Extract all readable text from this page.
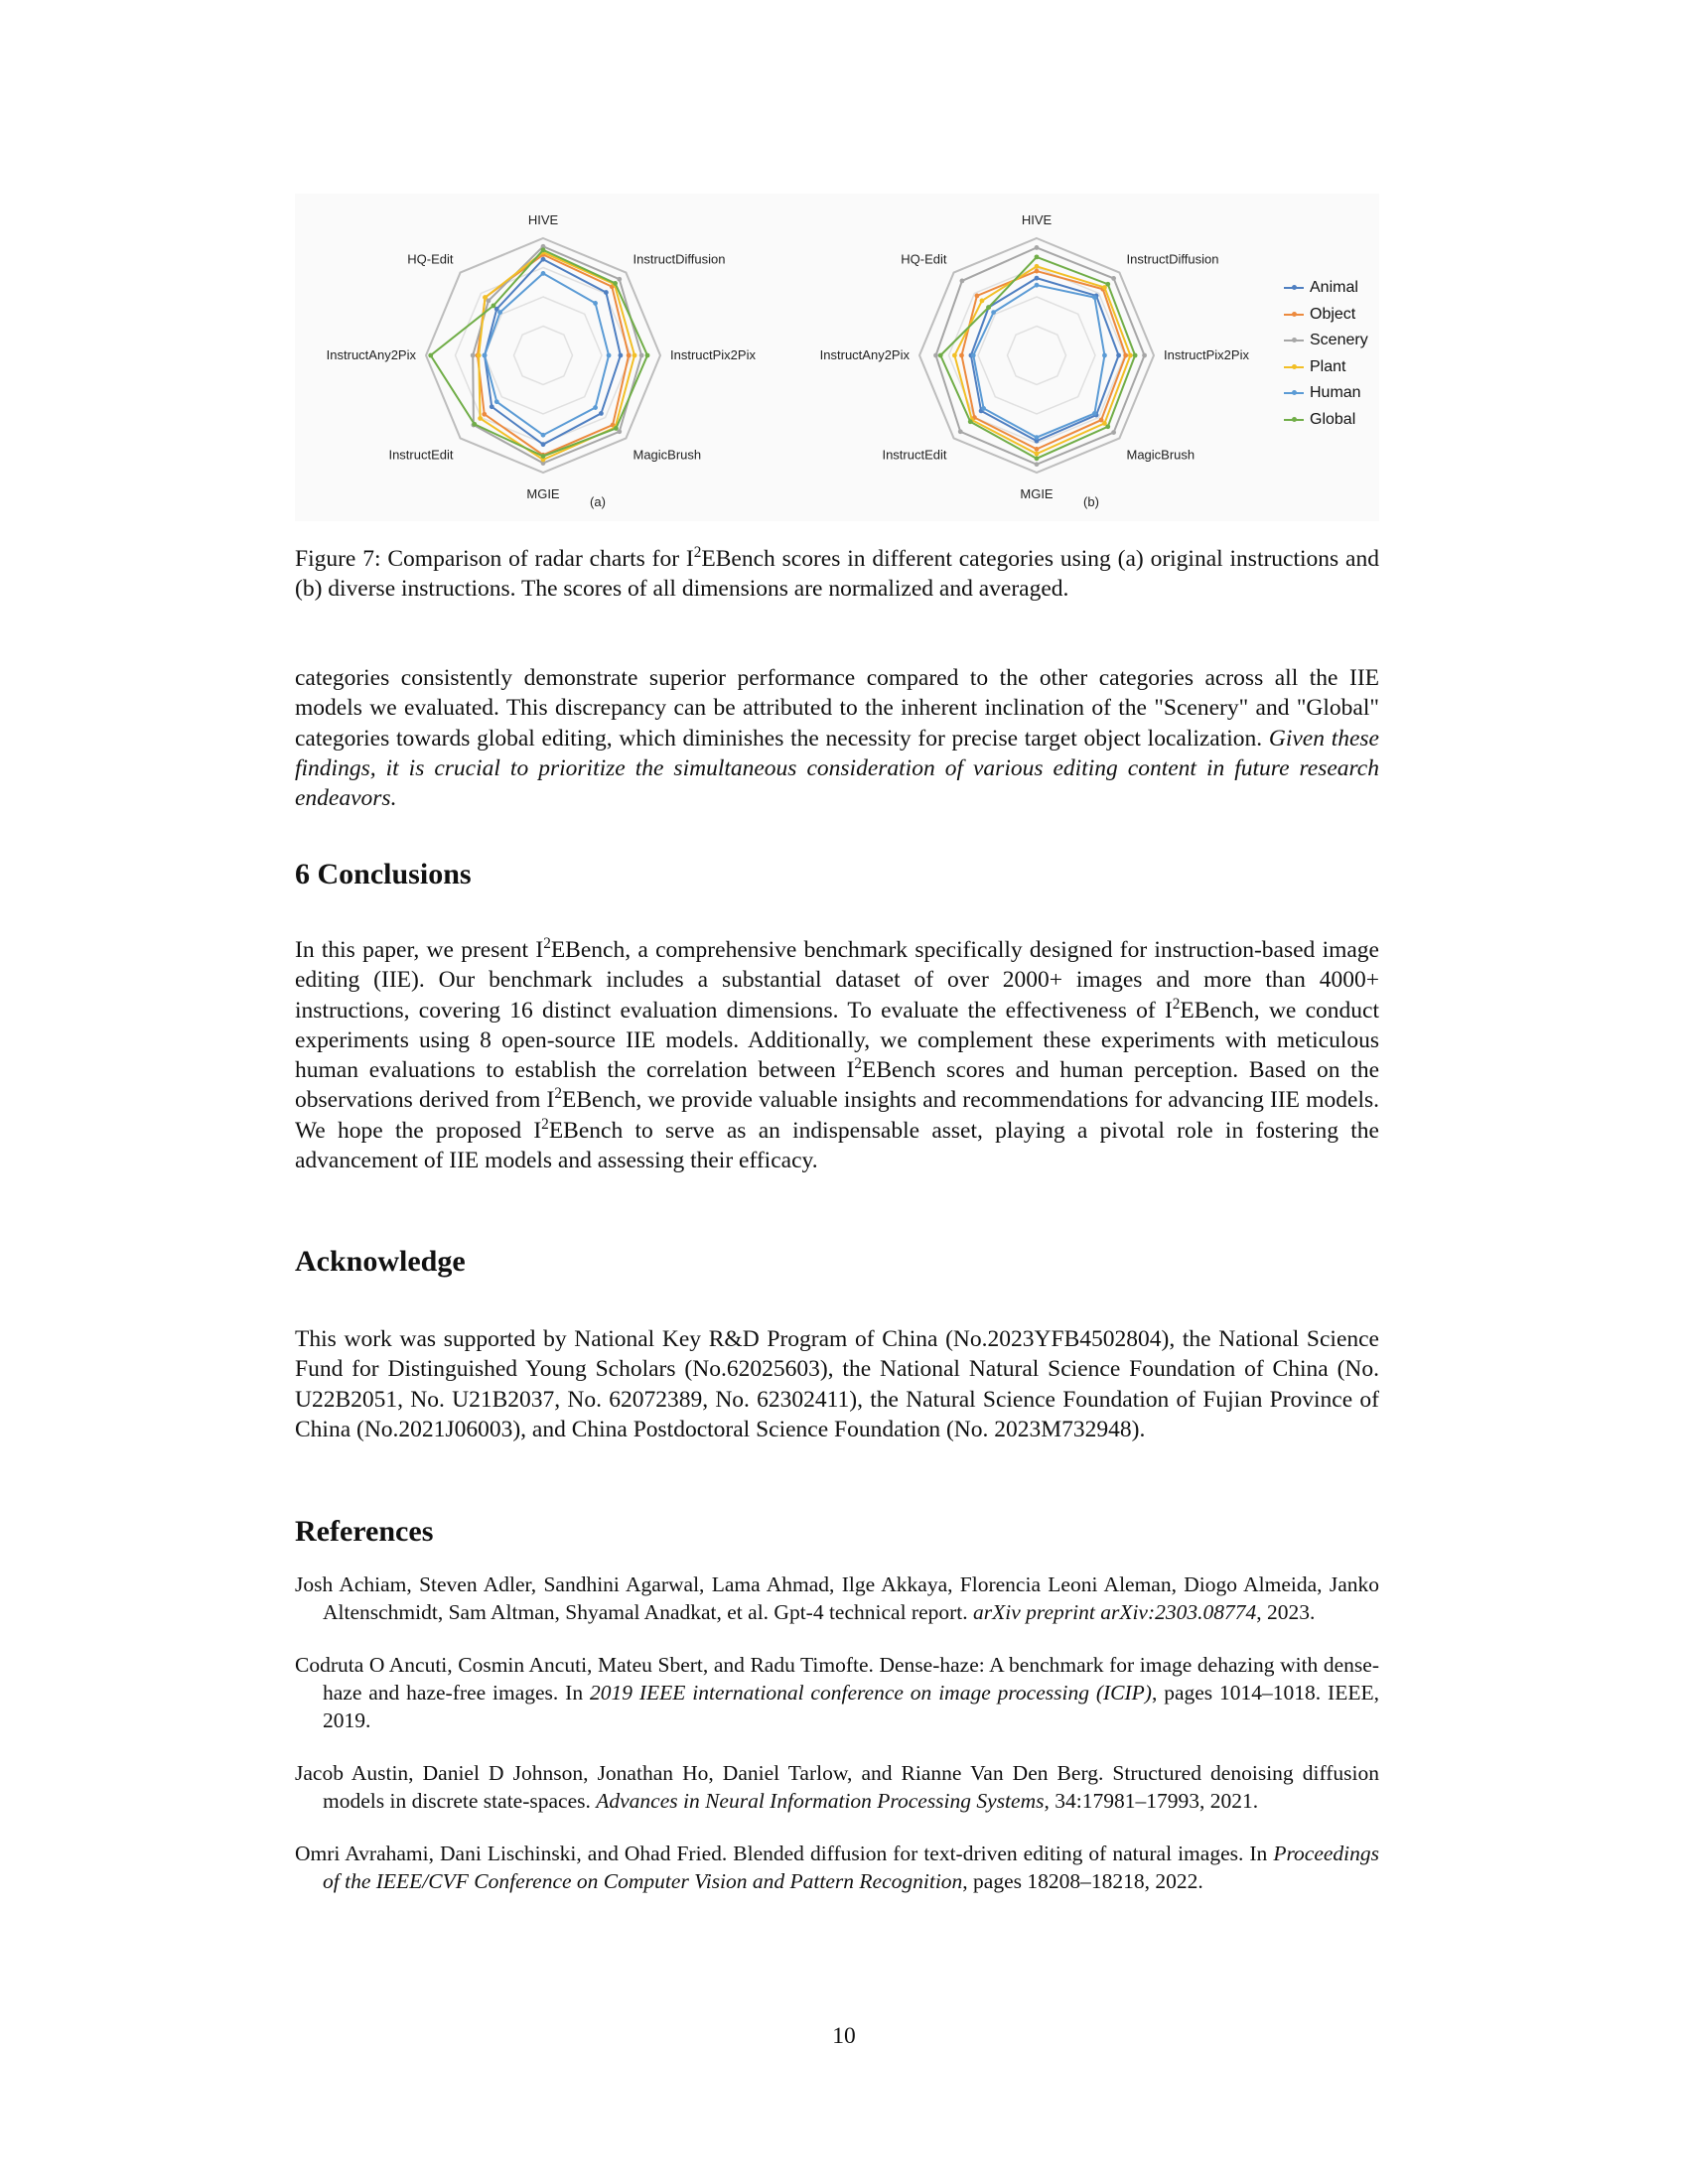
HIVE
InstructDiffusion
InstructPix2Pix
MagicBrush
MGIE
InstructEdit
InstructAny2Pix
HQ-Edit
(a)
HIVE
InstructDiffusion
InstructPix2Pix
MagicBrush
MGIE
InstructEdit
InstructAny2Pix
HQ-Edit
(b)
Animal
Object
Scenery
Plant
Human
Global
Figure 7: Comparison of radar charts for $I^2EBench$ scores in different categories using (a) original instructions and (b) diverse instructions. The scores of all dimensions are normalized and averaged.
categories consistently demonstrate superior performance compared to the other categories across all the IIE models we evaluated. This discrepancy can be attributed to the inherent inclination of the "Scenery" and "Global" categories towards global editing, which diminishes the necessity for precise target object localization. Given these findings, it is crucial to prioritize the simultaneous consideration of various editing content in future research endeavors.
6 Conclusions
In this paper, we present $I^2EBench$, a comprehensive benchmark specifically designed for instruction-based image editing (IIE). Our benchmark includes a substantial dataset of over 2000+ images and more than 4000+ instructions, covering 16 distinct evaluation dimensions. To evaluate the effectiveness of $I^2EBench$, we conduct experiments using 8 open-source IIE models. Additionally, we complement these experiments with meticulous human evaluations to establish the correlation between $I^2EBench$ scores and human perception. Based on the observations derived from $I^2EBench$, we provide valuable insights and recommendations for advancing IIE models. We hope the proposed $I^2EBench$ to serve as an indispensable asset, playing a pivotal role in fostering the advancement of IIE models and assessing their efficacy.
Acknowledge
This work was supported by National Key R&D Program of China (No.2023YFB4502804), the National Science Fund for Distinguished Young Scholars (No.62025603), the National Natural Science Foundation of China (No. U22B2051, No. U21B2037, No. 62072389, No. 62302411), the Natural Science Foundation of Fujian Province of China (No.2021J06003), and China Postdoctoral Science Foundation (No. 2023M732948).
References
Josh Achiam, Steven Adler, Sandhini Agarwal, Lama Ahmad, Ilge Akkaya, Florencia Leoni Aleman, Diogo Almeida, Janko Altenschmidt, Sam Altman, Shyamal Anadkat, et al. Gpt-4 technical report. arXiv preprint arXiv:2303.08774, 2023.
Codruta O Ancuti, Cosmin Ancuti, Mateu Sbert, and Radu Timofte. Dense-haze: A benchmark for image dehazing with dense-haze and haze-free images. In 2019 IEEE international conference on image processing (ICIP), pages 1014–1018. IEEE, 2019.
Jacob Austin, Daniel D Johnson, Jonathan Ho, Daniel Tarlow, and Rianne Van Den Berg. Structured denoising diffusion models in discrete state-spaces. Advances in Neural Information Processing Systems, 34:17981–17993, 2021.
Omri Avrahami, Dani Lischinski, and Ohad Fried. Blended diffusion for text-driven editing of natural images. In Proceedings of the IEEE/CVF Conference on Computer Vision and Pattern Recognition, pages 18208–18218, 2022.
10
